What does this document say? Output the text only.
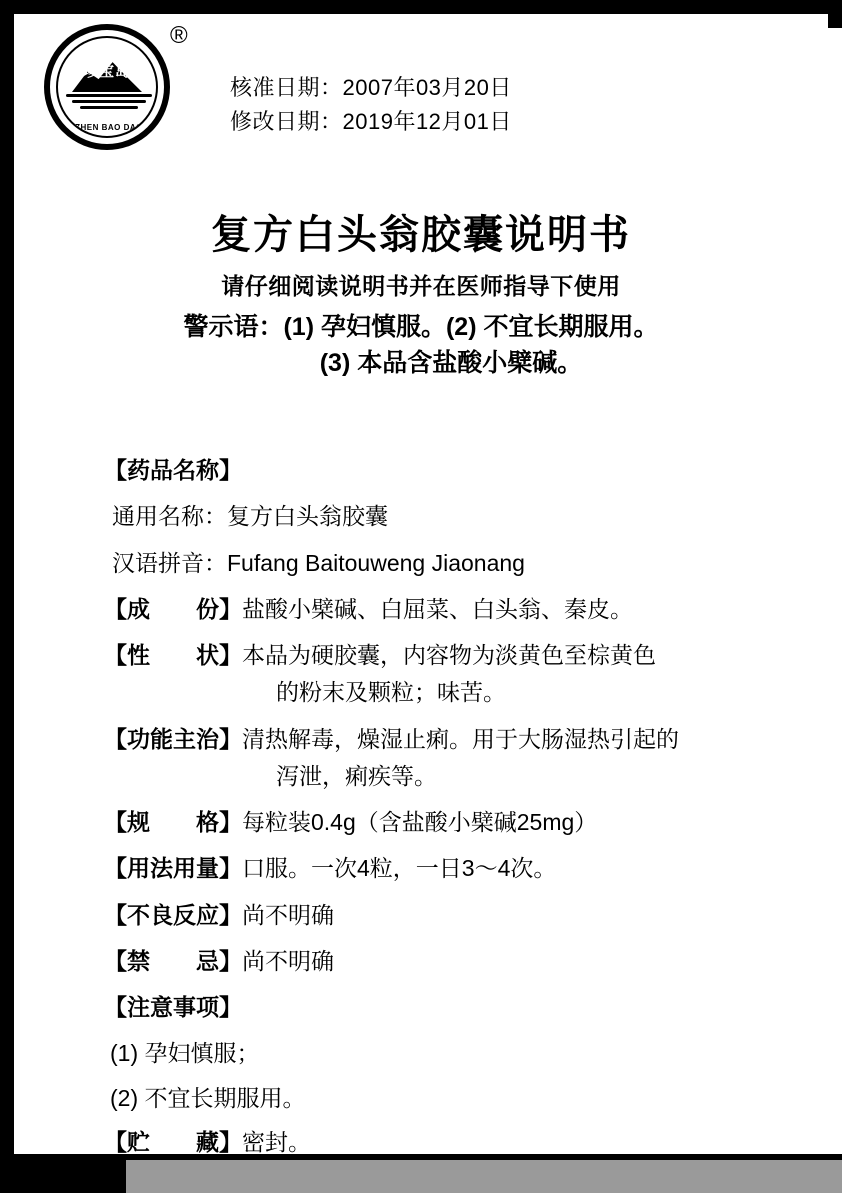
珍宝岛
ZHEN BAO DAO
®
核准日期：2007年03月20日
修改日期：2019年12月01日
复方白头翁胶囊说明书
请仔细阅读说明书并在医师指导下使用
警示语：(1) 孕妇慎服。(2) 不宜长期服用。
(3) 本品含盐酸小檗碱。
【药品名称】
通用名称：复方白头翁胶囊
汉语拼音：Fufang Baitouweng Jiaonang
【成　　份】 盐酸小檗碱、白屈菜、白头翁、秦皮。
【性　　状】 本品为硬胶囊，内容物为淡黄色至棕黄色
的粉末及颗粒；味苦。
【功能主治】 清热解毒，燥湿止痢。用于大肠湿热引起的
泻泄，痢疾等。
【规　　格】 每粒装0.4g（含盐酸小檗碱25mg）
【用法用量】 口服。一次4粒，一日3～4次。
【不良反应】 尚不明确
【禁　　忌】 尚不明确
【注意事项】
(1) 孕妇慎服；
(2) 不宜长期服用。
【贮　　藏】 密封。
